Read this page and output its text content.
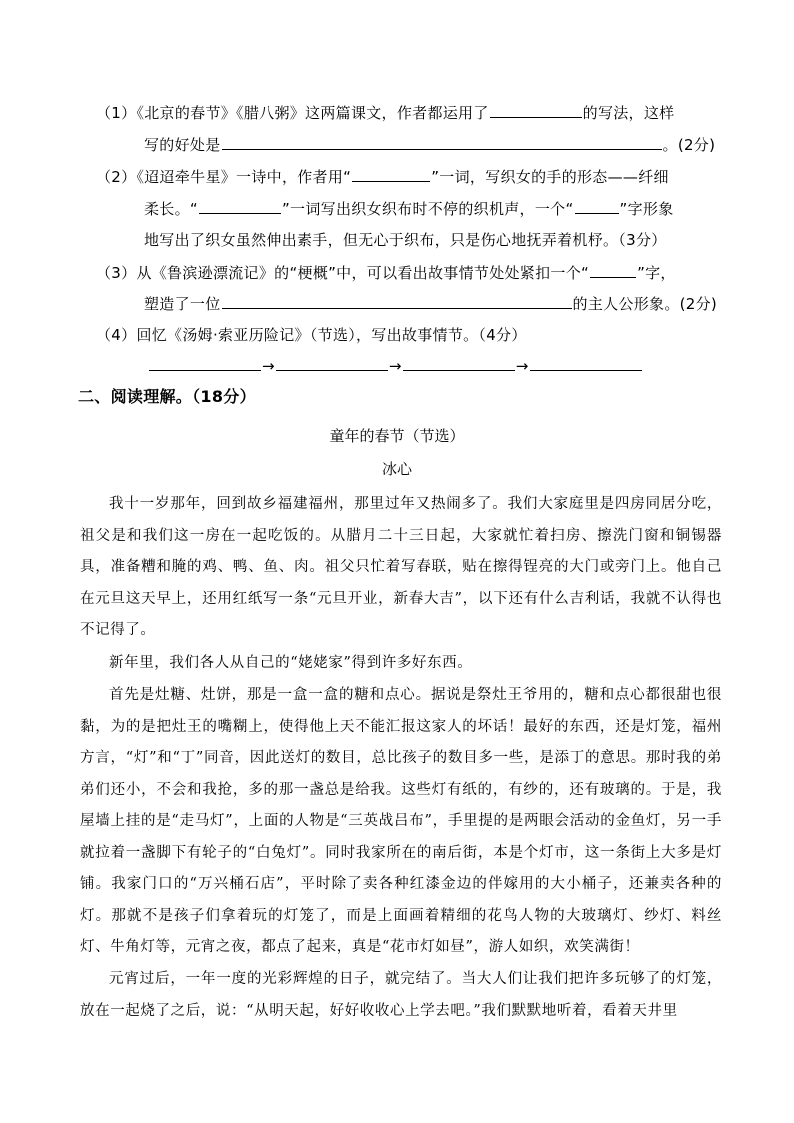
（1）《北京的春节》《腊八粥》这两篇课文，作者都运用了	的写法，这样
写的好处是	。(2分)
（2）《迢迢牵牛星》一诗中，作者用“	”一词，写织女的手的形态——纤细
柔长。“	”一词写出织女织布时不停的织机声，一个“	”字形象
地写出了织女虽然伸出素手，但无心于织布，只是伤心地抚弄着机杼。（3分）
（3）从《鲁滨逊漂流记》的“梗概”中，可以看出故事情节处处紧扣一个“	”字，
塑造了一位	的主人公形象。(2分)
（4）回忆《汤姆·索亚历险记》（节选），写出故事情节。（4分）
→	→	→
二、阅读理解。（18分）
童年的春节（节选）
冰心
我十一岁那年，回到故乡福建福州，那里过年又热闹多了。我们大家庭里是四房同居分吃，祖父是和我们这一房在一起吃饭的。从腊月二十三日起，大家就忙着扫房、擦洗门窗和铜锡器具，准备糟和腌的鸡、鸭、鱼、肉。祖父只忙着写春联，贴在擦得锃亮的大门或旁门上。他自己在元旦这天早上，还用红纸写一条“元旦开业，新春大吉”，以下还有什么吉利话，我就不认得也不记得了。
新年里，我们各人从自己的“姥姥家”得到许多好东西。
首先是灶糖、灶饼，那是一盒一盒的糖和点心。据说是祭灶王爷用的，糖和点心都很甜也很黏，为的是把灶王的嘴糊上，使得他上天不能汇报这家人的坏话！最好的东西，还是灯笼，福州方言，“灯”和“丁”同音，因此送灯的数目，总比孩子的数目多一些，是添丁的意思。那时我的弟弟们还小，不会和我抢，多的那一盏总是给我。这些灯有纸的，有纱的，还有玻璃的。于是，我屋墙上挂的是“走马灯”，上面的人物是“三英战吕布”，手里提的是两眼会活动的金鱼灯，另一手就拉着一盏脚下有轮子的“白兔灯”。同时我家所在的南后街，本是个灯市，这一条街上大多是灯铺。我家门口的“万兴桶石店”，平时除了卖各种红漆金边的伴嫁用的大小桶子，还兼卖各种的灯。那就不是孩子们拿着玩的灯笼了，而是上面画着精细的花鸟人物的大玻璃灯、纱灯、料丝灯、牛角灯等，元宵之夜，都点了起来，真是“花市灯如昼”，游人如织，欢笑满街！
元宵过后，一年一度的光彩辉煌的日子，就完结了。当大人们让我们把许多玩够了的灯笼，放在一起烧了之后，说：“从明天起，好好收收心上学去吧。”我们默默地听着，看着天井里
